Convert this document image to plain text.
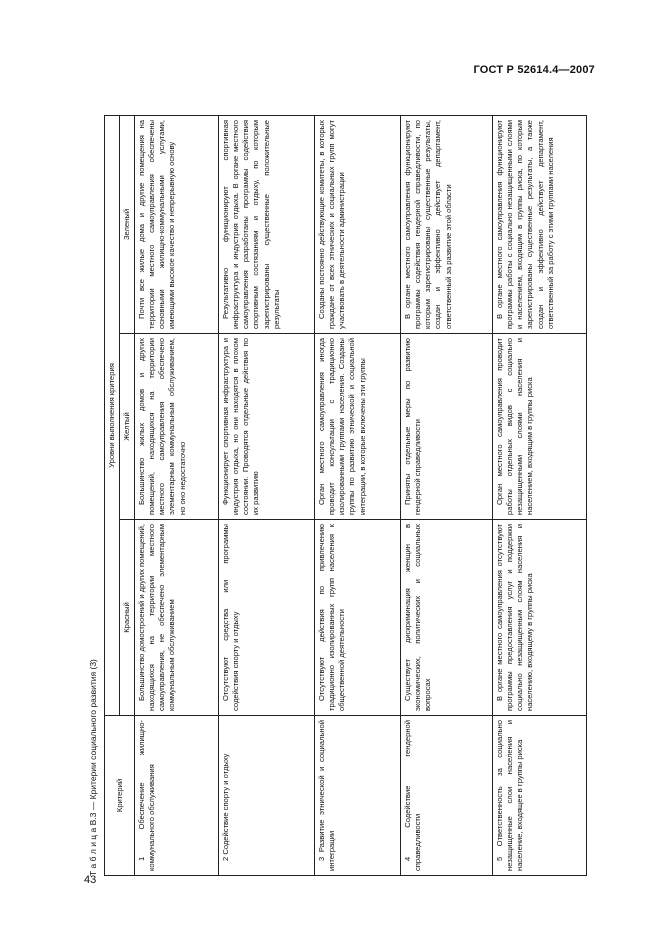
ГОСТ Р 52614.4—2007
Т а б л и ц а В.3 — Критерии социального развития (3) Критерий	Уровни выполнения критерия		
	Красный	Желтый	Зеленый

1 Обеспечение жилищно-коммунального обслуживания	Большинство домостроений и других помещений, находящихся на территории местного самоуправления, не обеспечено элементарным коммунальным обслуживанием	Большинство жилых домов и других помещений, находящихся на территории местного самоуправления обеспечено элементарным коммунальным обслуживанием, но оно недостаточно	Почти все жилые дома и другие помещения на территории местного самоуправления обеспечены основными жилищно-коммунальными услугами, имеющими высокое качество и непрерывную основу

2 Содействие спорту и отдыху	Отсутствуют средства или программы содействия спорту и отдыху	Функционирует спортивная инфраструктура и индустрия отдыха, но они находятся в плохом состоянии. Проводятся отдельные действия по их развитию	Результативно функционируют спортивная инфраструктура и индустрия отдыха. В органе местного самоуправления разработаны программы содействия спортивным состязаниям и отдыху, по которым зарегистрированы существенные положительные результаты

3 Развитие этнической и социальной интеграции	Отсутствуют действия по привлечению традиционно изолированных групп населения к общественной деятельности	Орган местного самоуправления иногда проводит консультации с традиционно изолированными группами населения. Созданы группы по развитию этнической и социальной интеграции, в которые включены эти группы	Созданы постоянно действующие комитеты, в которых граждане от всех этнических и социальных групп могут участвовать в деятельности администрации

4 Содействие гендерной справедливости	Существует дискриминация женщин в экономических, политических и социальных вопросах	Приняты отдельные меры по развитию гендерной справедливости	В органе местного самоуправления функционируют программы содействия гендерной справедливости, по которым зарегистрированы существенные результаты, создан и эффективно действует департамент, ответственный за развитие этой области

5 Ответственность за социально незащищенные слои населения и население, входящее в группы риска	В органе местного самоуправления отсутствуют программы предоставления услуг и поддержки социально незащищенным слоям населения и населению, входящему в группы риска	Орган местного самоуправления проводит работы отдельных видов с социально незащищенными слоями населения и населением, входящим в группы риска	В органе местного самоуправления функционируют программы работы с социально незащищенными слоями и населением, входящим в группы риска, по которым зарегистрированы существенные результаты, а также создан и эффективно действует департамент, ответственный за работу с этими группами населения

43
